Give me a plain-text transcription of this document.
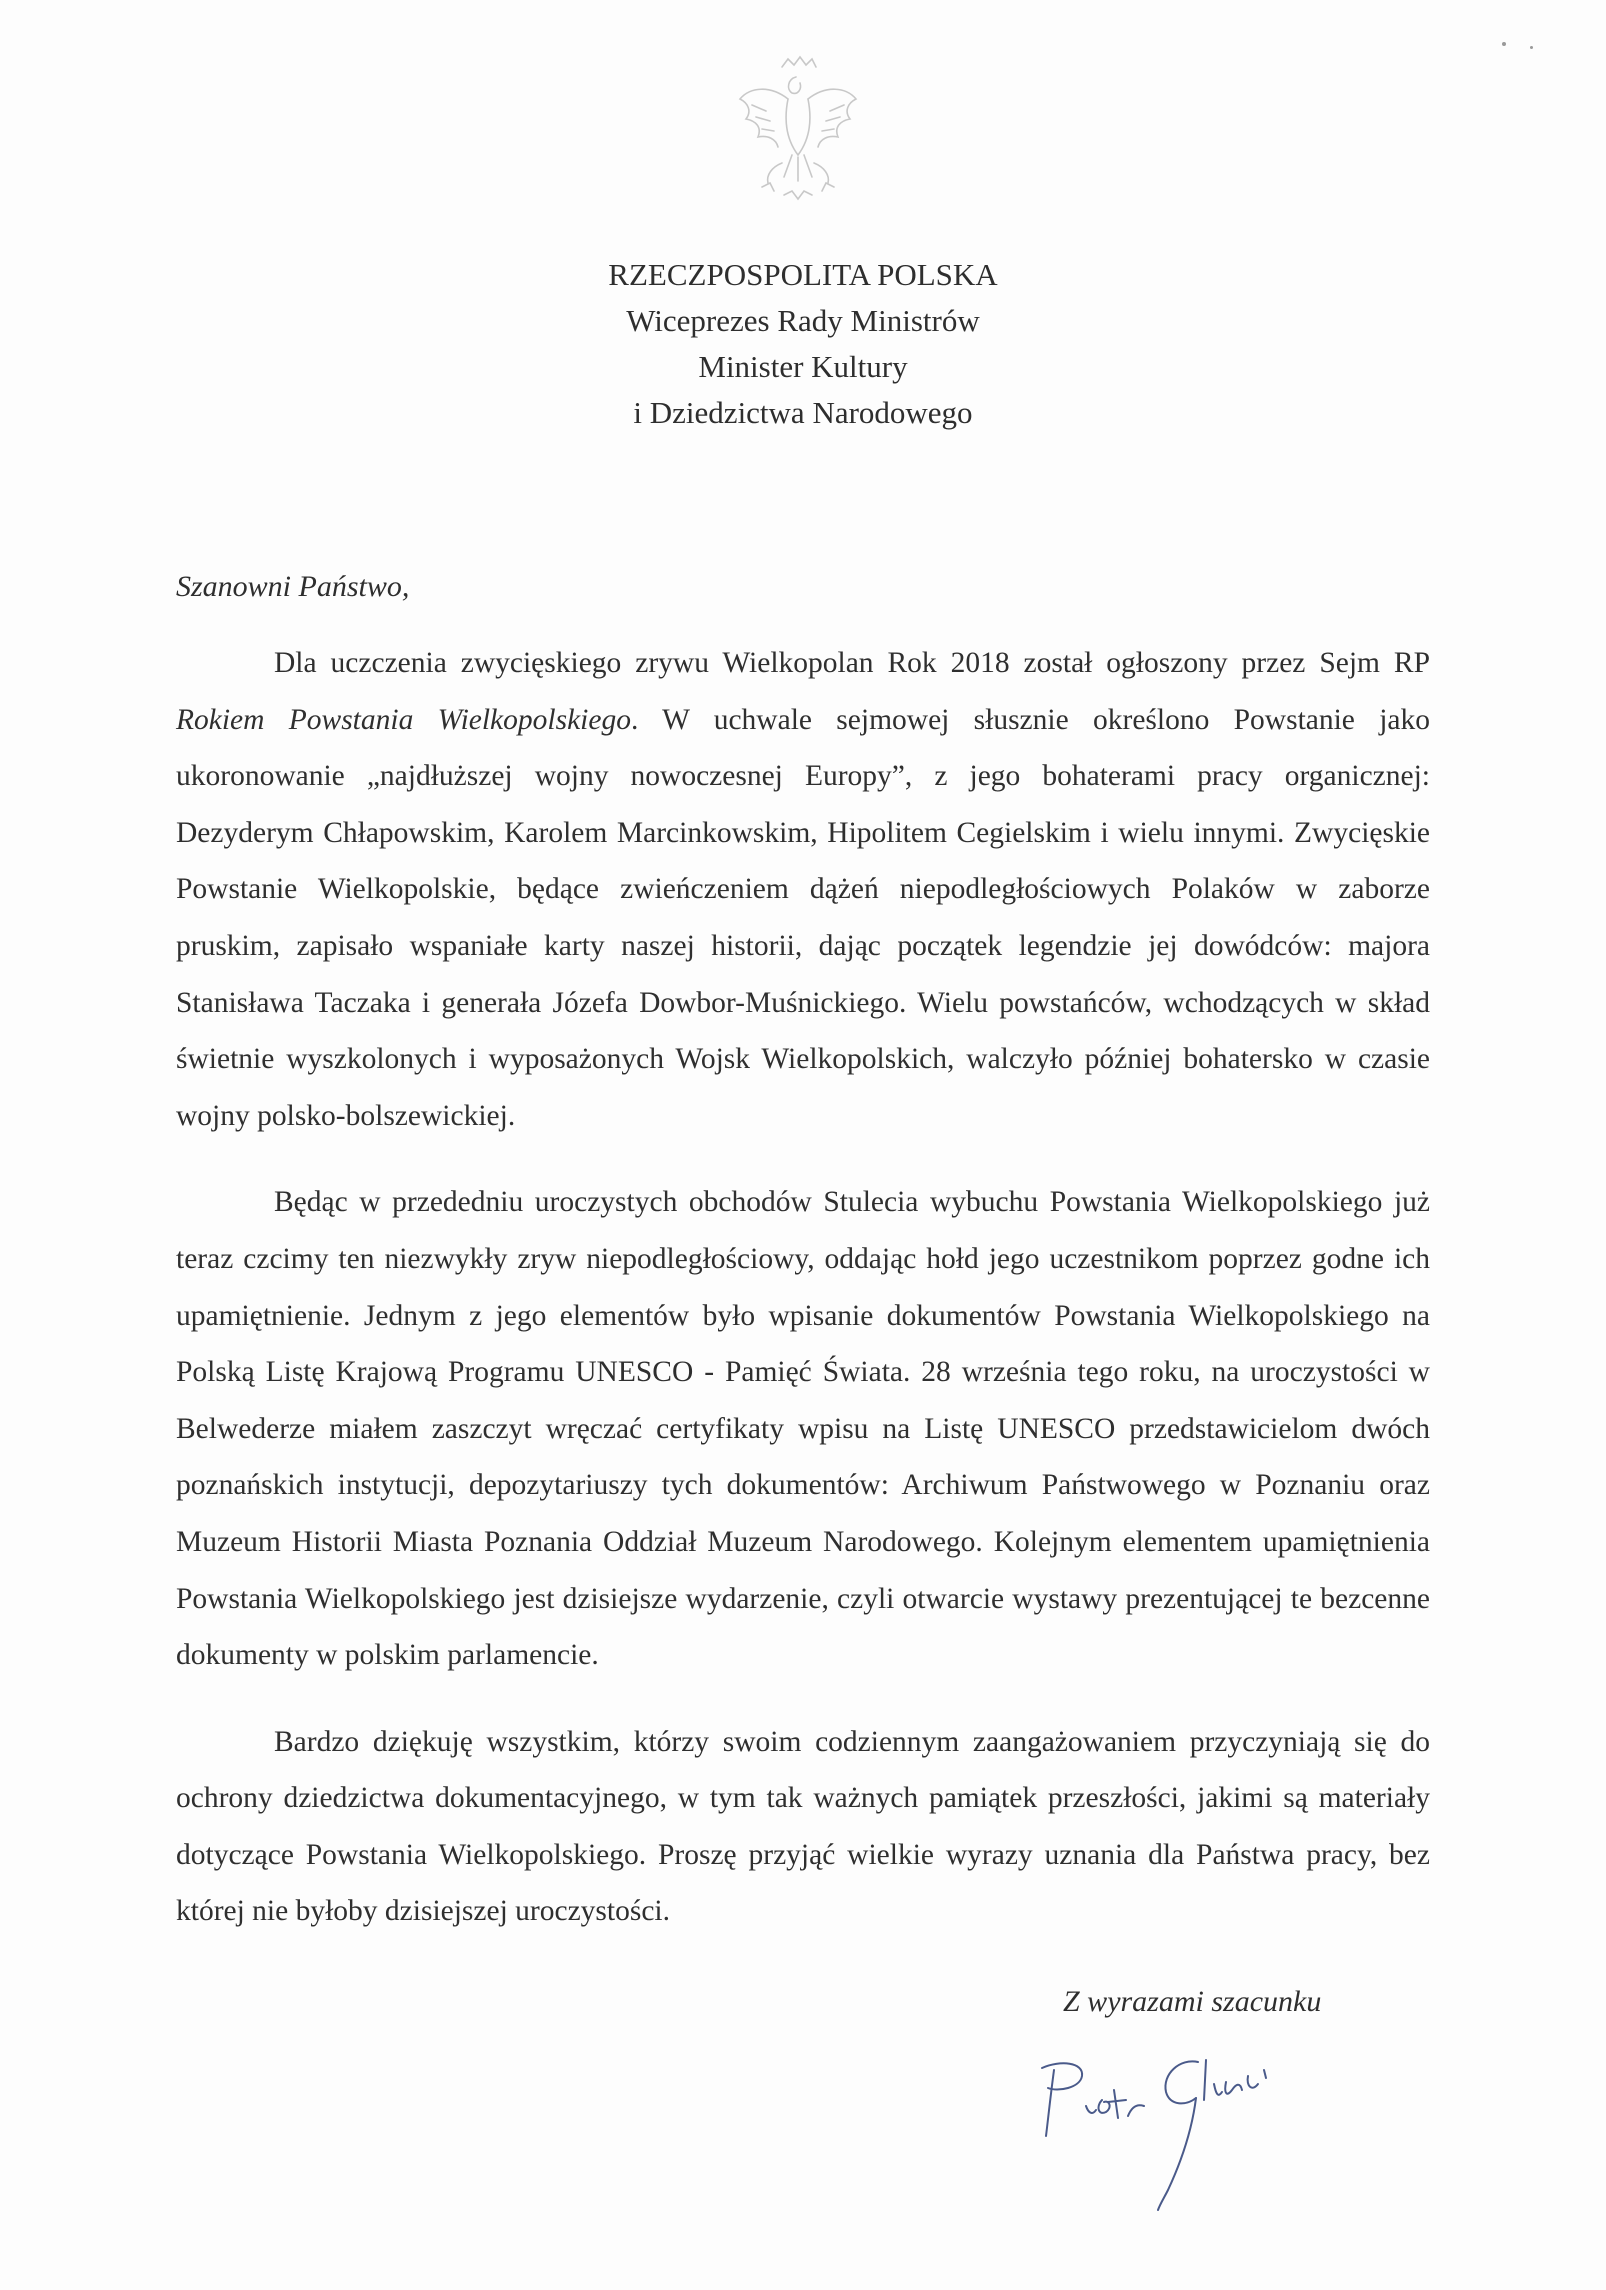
RZECZPOSPOLITA POLSKA
Wiceprezes Rady Ministrów
Minister Kultury
i Dziedzictwa Narodowego
Szanowni Państwo,

Dla uczczenia zwycięskiego zrywu Wielkopolan Rok 2018 został ogłoszony przez Sejm RP Rokiem Powstania Wielkopolskiego. W uchwale sejmowej słusznie określono Powstanie jako ukoronowanie „najdłuższej wojny nowoczesnej Europy”, z jego bohaterami pracy organicznej: Dezyderym Chłapowskim, Karolem Marcinkowskim, Hipolitem Cegielskim i wielu innymi. Zwycięskie Powstanie Wielkopolskie, będące zwieńczeniem dążeń niepodległościowych Polaków w zaborze pruskim, zapisało wspaniałe karty naszej historii, dając początek legendzie jej dowódców: majora Stanisława Taczaka i generała Józefa Dowbor-Muśnickiego. Wielu powstańców, wchodzących w skład świetnie wyszkolonych i wyposażonych Wojsk Wielkopolskich, walczyło później bohatersko w czasie wojny polsko-bolszewickiej.

Będąc w przededniu uroczystych obchodów Stulecia wybuchu Powstania Wielkopolskiego już teraz czcimy ten niezwykły zryw niepodległościowy, oddając hołd jego uczestnikom poprzez godne ich upamiętnienie. Jednym z jego elementów było wpisanie dokumentów Powstania Wielkopolskiego na Polską Listę Krajową Programu UNESCO - Pamięć Świata. 28 września tego roku, na uroczystości w Belwederze miałem zaszczyt wręczać certyfikaty wpisu na Listę UNESCO przedstawicielom dwóch poznańskich instytucji, depozytariuszy tych dokumentów: Archiwum Państwowego w Poznaniu oraz Muzeum Historii Miasta Poznania Oddział Muzeum Narodowego. Kolejnym elementem upamiętnienia Powstania Wielkopolskiego jest dzisiejsze wydarzenie, czyli otwarcie wystawy prezentującej te bezcenne dokumenty w polskim parlamencie.

Bardzo dziękuję wszystkim, którzy swoim codziennym zaangażowaniem przyczyniają się do ochrony dziedzictwa dokumentacyjnego, w tym tak ważnych pamiątek przeszłości, jakimi są materiały dotyczące Powstania Wielkopolskiego. Proszę przyjąć wielkie wyrazy uznania dla Państwa pracy, bez której nie byłoby dzisiejszej uroczystości.

Z wyrazami szacunku
